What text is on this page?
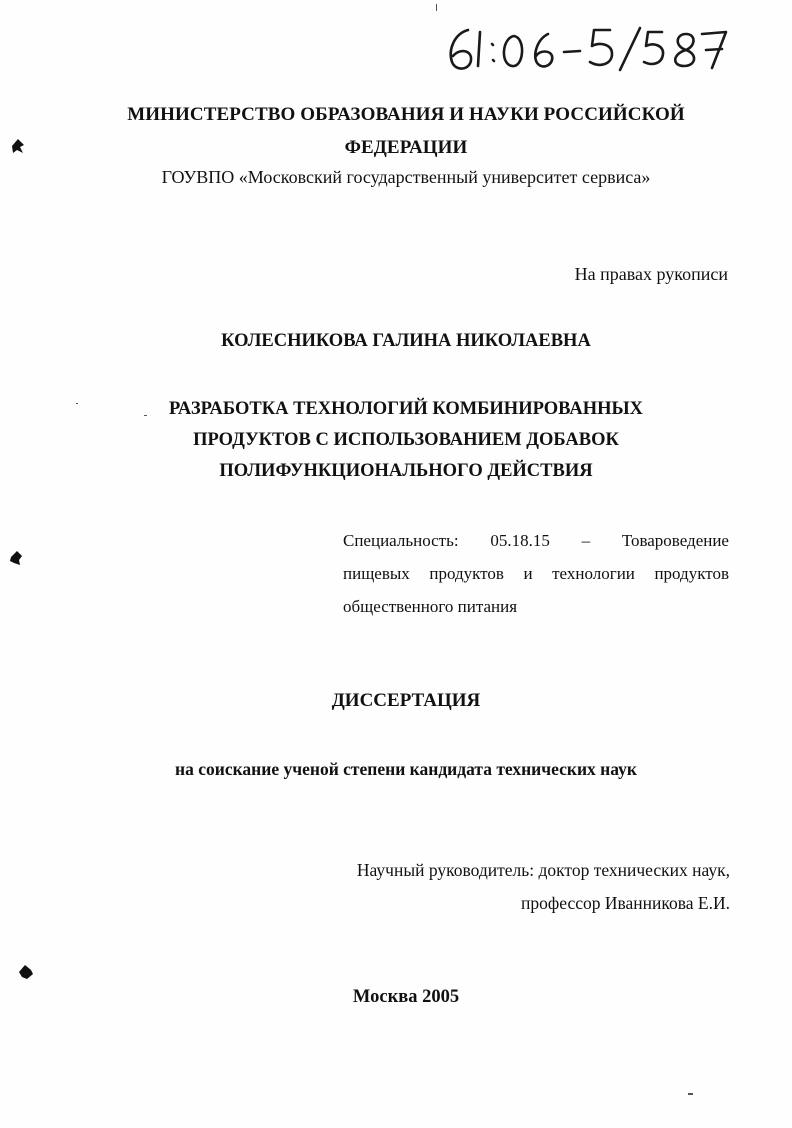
МИНИСТЕРСТВО ОБРАЗОВАНИЯ И НАУКИ РОССИЙСКОЙ
ФЕДЕРАЦИИ
ГОУВПО «Московский государственный университет сервиса»
На правах рукописи
КОЛЕСНИКОВА ГАЛИНА НИКОЛАЕВНА
РАЗРАБОТКА ТЕХНОЛОГИЙ КОМБИНИРОВАННЫХ
ПРОДУКТОВ С ИСПОЛЬЗОВАНИЕМ ДОБАВОК
ПОЛИФУНКЦИОНАЛЬНОГО ДЕЙСТВИЯ
Специальность: 05.18.15 – Товароведение
пищевых продуктов и технологии продуктов
общественного питания
ДИССЕРТАЦИЯ
на соискание ученой степени кандидата технических наук
Научный руководитель: доктор технических наук,
профессор Иванникова Е.И.
Москва 2005
